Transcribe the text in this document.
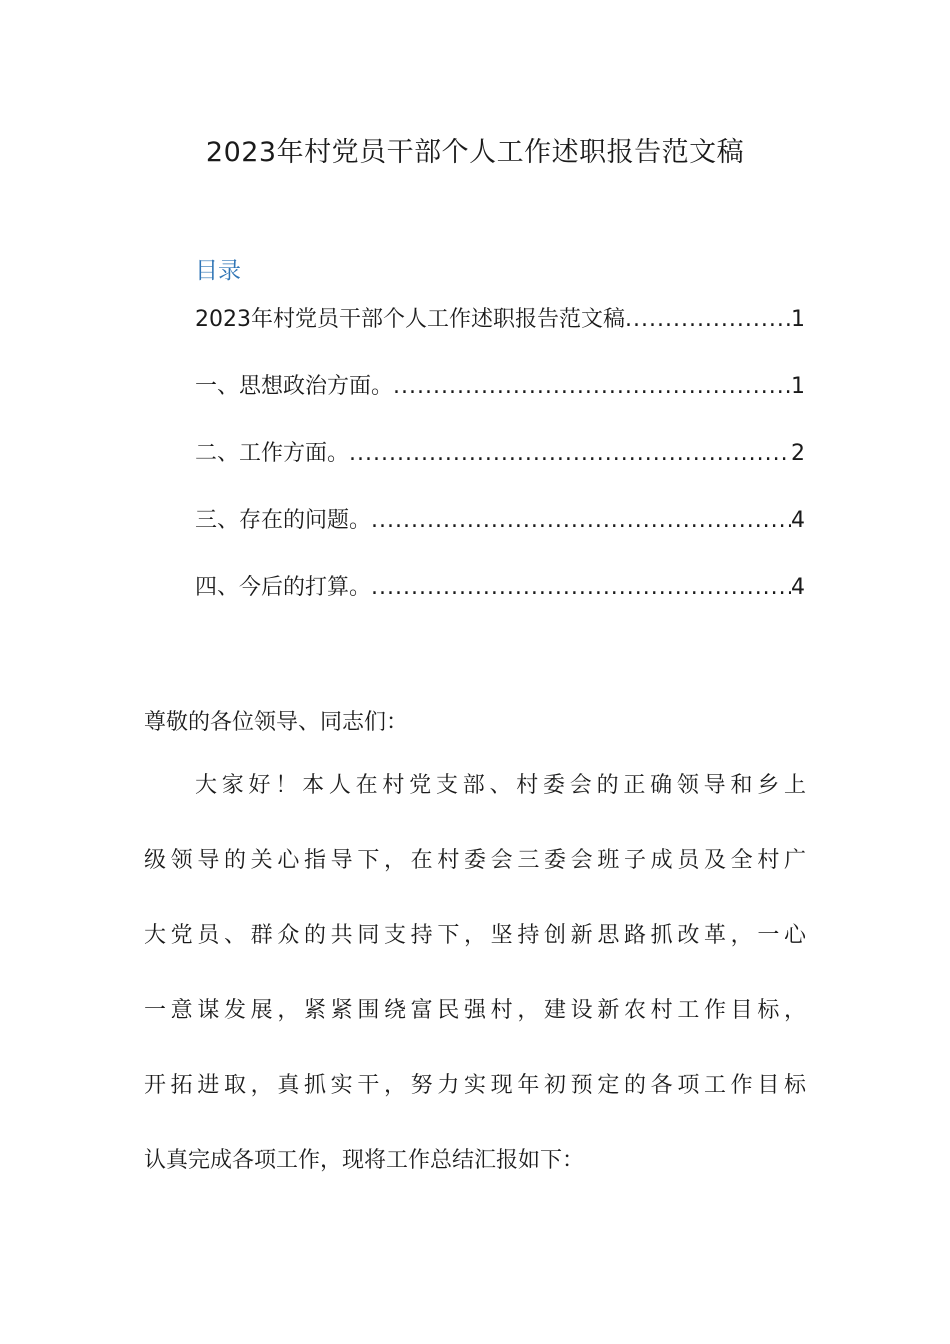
2023年村党员干部个人工作述职报告范文稿
目录
2023年村党员干部个人工作述职报告范文稿 .....	1
一、思想政治方面。 .....	1
二、工作方面。 .....	2
三、存在的问题。 .....	4
四、今后的打算。 .....	4
尊敬的各位领导、同志们：
大家好！本人在村党支部、村委会的正确领导和乡上
级领导的关心指导下，在村委会三委会班子成员及全村广
大党员、群众的共同支持下，坚持创新思路抓改革，一心
一意谋发展，紧紧围绕富民强村，建设新农村工作目标，
开拓进取，真抓实干，努力实现年初预定的各项工作目标
认真完成各项工作，现将工作总结汇报如下：
